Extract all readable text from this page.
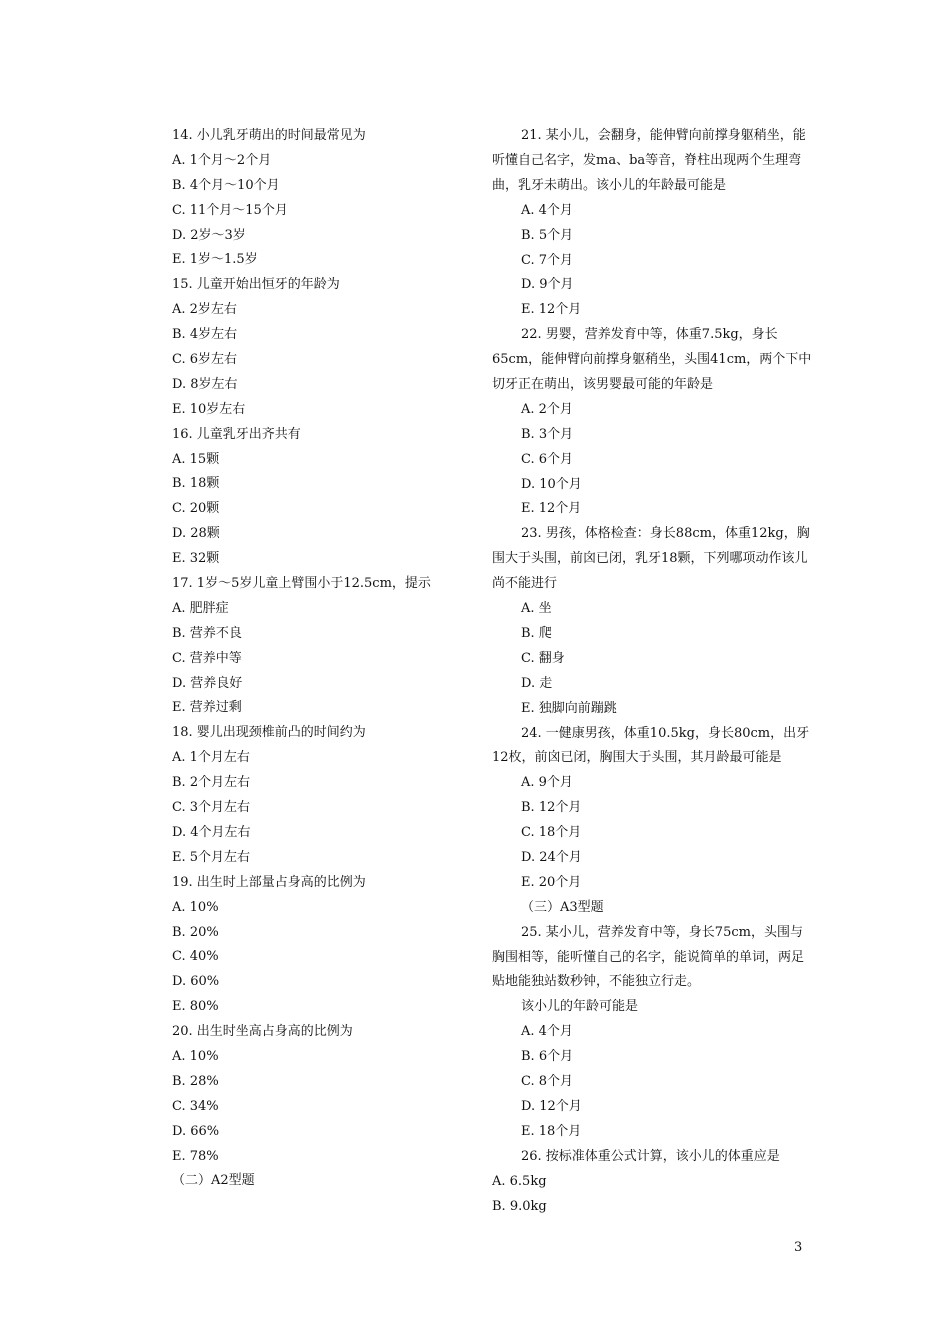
14. 小儿乳牙萌出的时间最常见为
A. 1个月～2个月
B. 4个月～10个月
C. 11个月～15个月
D. 2岁～3岁
E. 1岁～1.5岁
15. 儿童开始出恒牙的年龄为
A. 2岁左右
B. 4岁左右
C. 6岁左右
D. 8岁左右
E. 10岁左右
16. 儿童乳牙出齐共有
A. 15颗
B. 18颗
C. 20颗
D. 28颗
E. 32颗
17. 1岁～5岁儿童上臂围小于12.5cm，提示
A. 肥胖症
B. 营养不良
C. 营养中等
D. 营养良好
E. 营养过剩
18. 婴儿出现颈椎前凸的时间约为
A. 1个月左右
B. 2个月左右
C. 3个月左右
D. 4个月左右
E. 5个月左右
19. 出生时上部量占身高的比例为
A. 10%
B. 20%
C. 40%
D. 60%
E. 80%
20. 出生时坐高占身高的比例为
A. 10%
B. 28%
C. 34%
D. 66%
E. 78%
（二）A2型题
21. 某小儿，会翻身，能伸臂向前撑身躯稍坐，能听懂自己名字，发ma、ba等音，脊柱出现两个生理弯曲，乳牙未萌出。该小儿的年龄最可能是
A. 4个月
B. 5个月
C. 7个月
D. 9个月
E. 12个月
22. 男婴，营养发育中等，体重7.5kg，身长65cm，能伸臂向前撑身躯稍坐，头围41cm，两个下中切牙正在萌出，该男婴最可能的年龄是
A. 2个月
B. 3个月
C. 6个月
D. 10个月
E. 12个月
23. 男孩，体格检查：身长88cm，体重12kg，胸围大于头围，前囟已闭，乳牙18颗，下列哪项动作该儿尚不能进行
A. 坐
B. 爬
C. 翻身
D. 走
E. 独脚向前蹦跳
24. 一健康男孩，体重10.5kg，身长80cm，出牙12枚，前囟已闭，胸围大于头围，其月龄最可能是
A. 9个月
B. 12个月
C. 18个月
D. 24个月
E. 20个月
（三）A3型题
25. 某小儿，营养发育中等，身长75cm，头围与胸围相等，能听懂自己的名字，能说简单的单词，两足贴地能独站数秒钟，不能独立行走。
该小儿的年龄可能是
A. 4个月
B. 6个月
C. 8个月
D. 12个月
E. 18个月
26. 按标准体重公式计算，该小儿的体重应是
A. 6.5kg
B. 9.0kg
3
